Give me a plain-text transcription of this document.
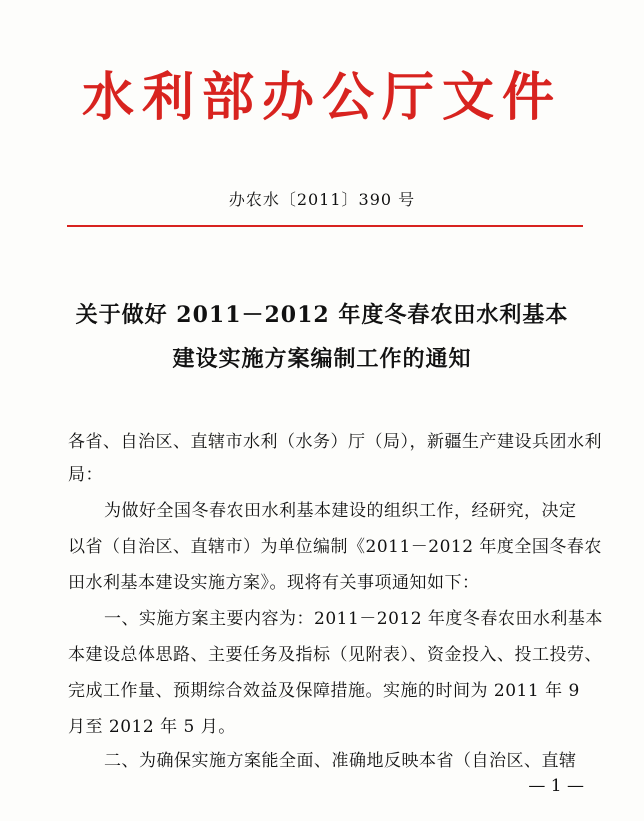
水利部办公厅文件
办农水〔2011〕390 号
关于做好 2011－2012 年度冬春农田水利基本
建设实施方案编制工作的通知
各省、自治区、直辖市水利（水务）厅（局），新疆生产建设兵团水利
局：
为做好全国冬春农田水利基本建设的组织工作，经研究，决定
以省（自治区、直辖市）为单位编制《2011－2012 年度全国冬春农
田水利基本建设实施方案》。现将有关事项通知如下：
一、实施方案主要内容为：2011－2012 年度冬春农田水利基本
本建设总体思路、主要任务及指标（见附表）、资金投入、投工投劳、
完成工作量、预期综合效益及保障措施。实施的时间为 2011 年 9
月至 2012 年 5 月。
二、为确保实施方案能全面、准确地反映本省（自治区、直辖
— 1 —
